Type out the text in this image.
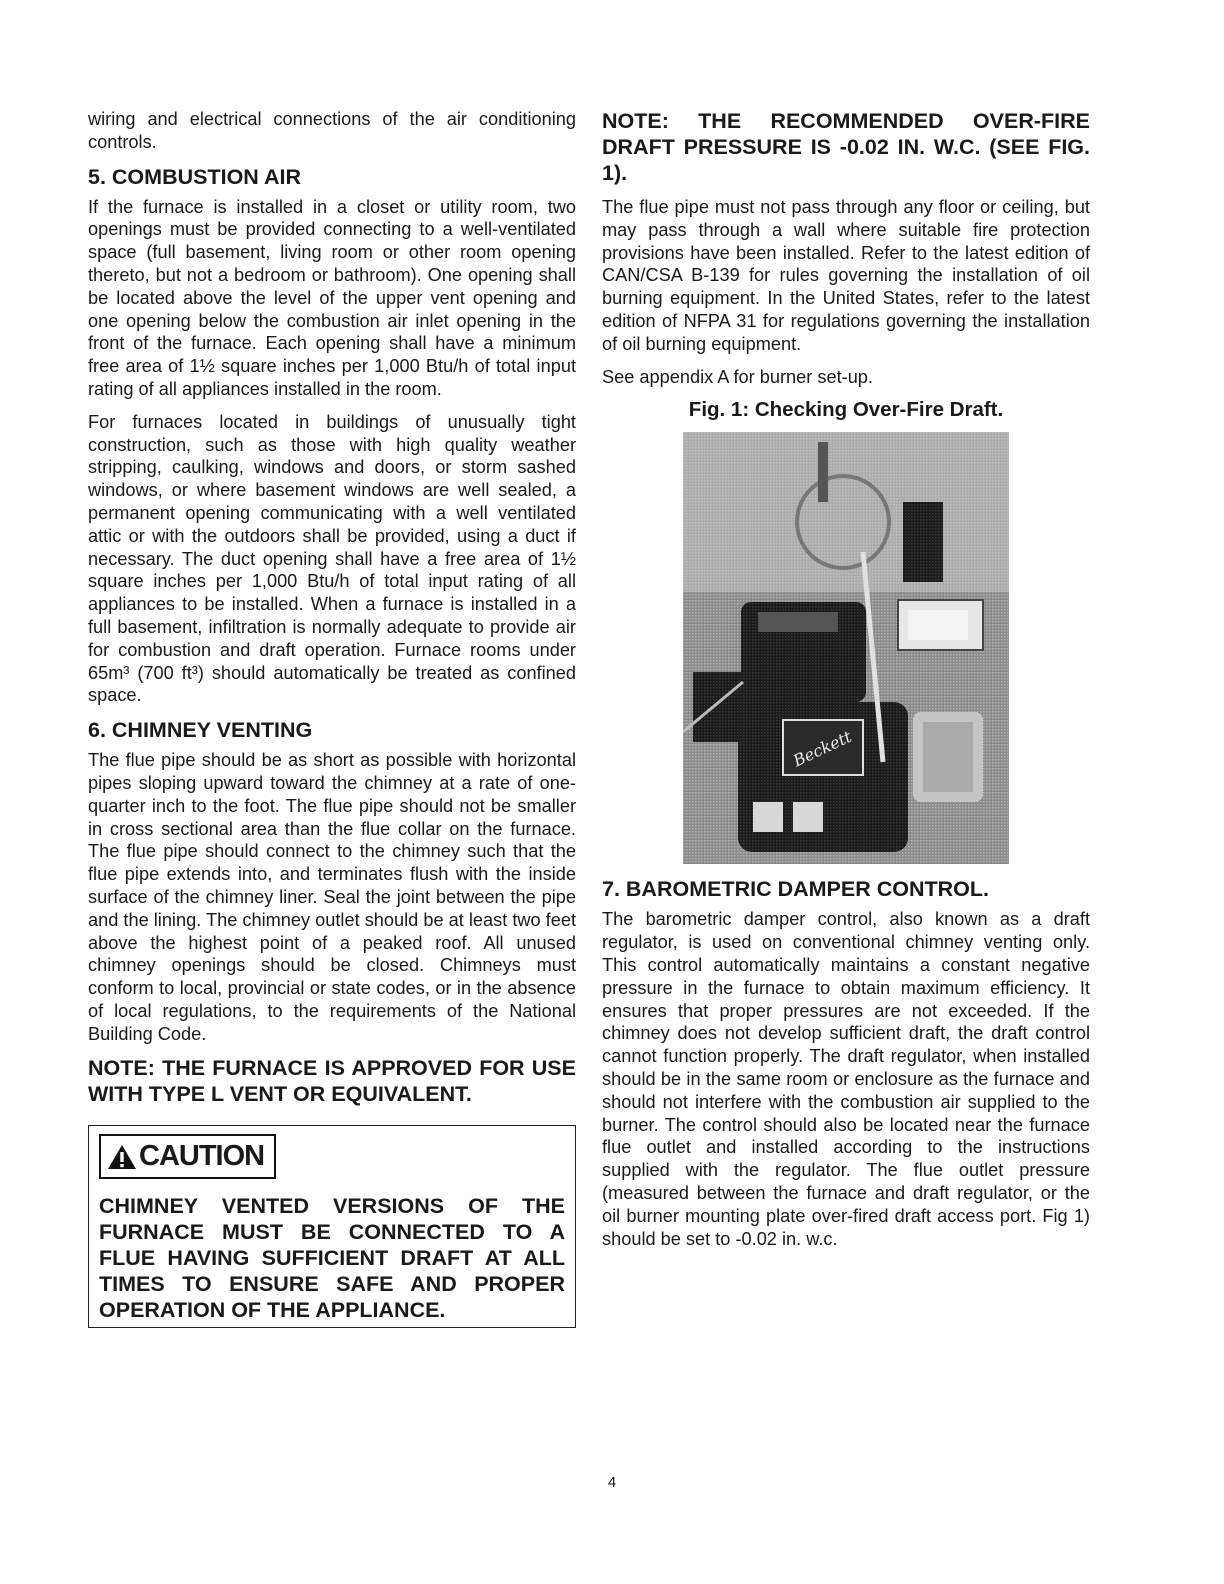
wiring and electrical connections of the air conditioning controls.

5. COMBUSTION AIR

If the furnace is installed in a closet or utility room, two openings must be provided connecting to a well-ventilated space (full basement, living room or other room opening thereto, but not a bedroom or bathroom). One opening shall be located above the level of the upper vent opening and one opening below the combustion air inlet opening in the front of the furnace. Each opening shall have a minimum free area of 1½ square inches per 1,000 Btu/h of total input rating of all appliances installed in the room.

For furnaces located in buildings of unusually tight construction, such as those with high quality weather stripping, caulking, windows and doors, or storm sashed windows, or where basement windows are well sealed, a permanent opening communicating with a well ventilated attic or with the outdoors shall be provided, using a duct if necessary. The duct opening shall have a free area of 1½ square inches per 1,000 Btu/h of total input rating of all appliances to be installed. When a furnace is installed in a full basement, infiltration is normally adequate to provide air for combustion and draft operation. Furnace rooms under 65m³ (700 ft³) should automatically be treated as confined space.

6. CHIMNEY VENTING

The flue pipe should be as short as possible with horizontal pipes sloping upward toward the chimney at a rate of one-quarter inch to the foot. The flue pipe should not be smaller in cross sectional area than the flue collar on the furnace. The flue pipe should connect to the chimney such that the flue pipe extends into, and terminates flush with the inside surface of the chimney liner. Seal the joint between the pipe and the lining. The chimney outlet should be at least two feet above the highest point of a peaked roof. All unused chimney openings should be closed. Chimneys must conform to local, provincial or state codes, or in the absence of local regulations, to the requirements of the National Building Code.

NOTE: THE FURNACE IS APPROVED FOR USE WITH TYPE L VENT OR EQUIVALENT.

CAUTION

CHIMNEY VENTED VERSIONS OF THE FURNACE MUST BE CONNECTED TO A FLUE HAVING SUFFICIENT DRAFT AT ALL TIMES TO ENSURE SAFE AND PROPER OPERATION OF THE APPLIANCE.

NOTE: THE RECOMMENDED OVER-FIRE DRAFT PRESSURE IS -0.02 IN. W.C. (SEE FIG. 1).

The flue pipe must not pass through any floor or ceiling, but may pass through a wall where suitable fire protection provisions have been installed. Refer to the latest edition of CAN/CSA B-139 for rules governing the installation of oil burning equipment. In the United States, refer to the latest edition of NFPA 31 for regulations governing the installation of oil burning equipment.

See appendix A for burner set-up.

Fig. 1: Checking Over-Fire Draft.
Beckett
7. BAROMETRIC DAMPER CONTROL.

The barometric damper control, also known as a draft regulator, is used on conventional chimney venting only. This control automatically maintains a constant negative pressure in the furnace to obtain maximum efficiency. It ensures that proper pressures are not exceeded. If the chimney does not develop sufficient draft, the draft control cannot function properly. The draft regulator, when installed should be in the same room or enclosure as the furnace and should not interfere with the combustion air supplied to the burner. The control should also be located near the furnace flue outlet and installed according to the instructions supplied with the regulator. The flue outlet pressure (measured between the furnace and draft regulator, or the oil burner mounting plate over-fired draft access port. Fig 1) should be set to -0.02 in. w.c.

4
